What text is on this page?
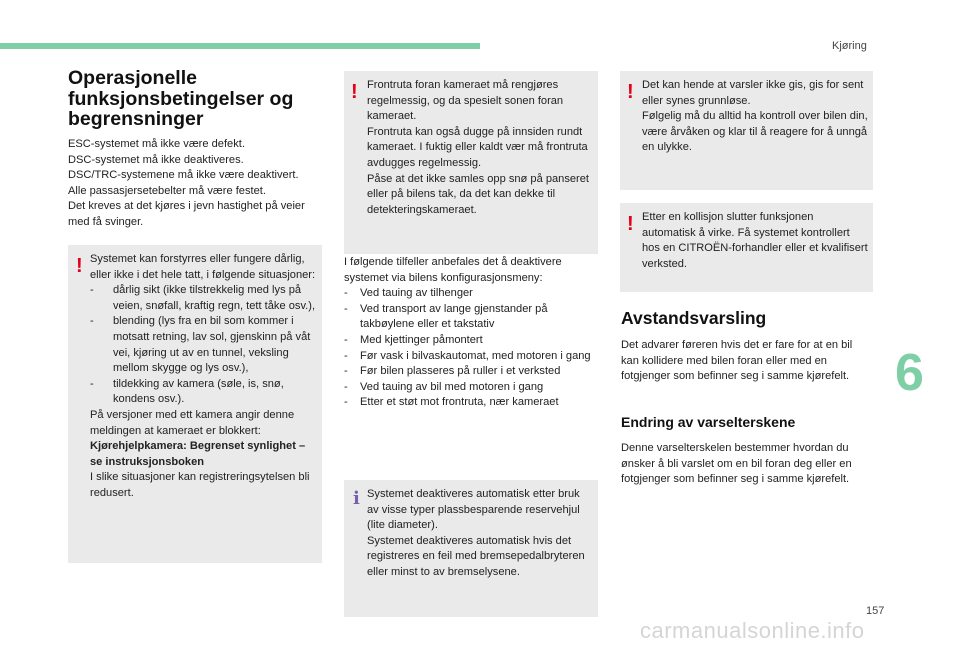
Kjøring
Operasjonelle funksjonsbetingelser og begrensninger

ESC-systemet må ikke være defekt.

DSC-systemet må ikke deaktiveres.

DSC/TRC-systemene må ikke være deaktivert.

Alle passasjersetebelter må være festet.

Det kreves at det kjøres i jevn hastighet på veier med få svinger.

! Systemet kan forstyrres eller fungere dårlig, eller ikke i det hele tatt, i følgende situasjoner:

- dårlig sikt (ikke tilstrekkelig med lys på veien, snøfall, kraftig regn, tett tåke osv.),
- blending (lys fra en bil som kommer i motsatt retning, lav sol, gjenskinn på våt vei, kjøring ut av en tunnel, veksling mellom skygge og lys osv.),
- tildekking av kamera (søle, is, snø, kondens osv.).

På versjoner med ett kamera angir denne meldingen at kameraet er blokkert:

Kjørehjelpkamera: Begrenset synlighet – se instruksjonsboken

I slike situasjoner kan registreringsytelsen bli redusert.

! Frontruta foran kameraet må rengjøres regelmessig, og da spesielt sonen foran kameraet.

Frontruta kan også dugge på innsiden rundt kameraet. I fuktig eller kaldt vær må frontruta avdugges regelmessig.

Påse at det ikke samles opp snø på panseret eller på bilens tak, da det kan dekke til detekteringskameraet.

I følgende tilfeller anbefales det å deaktivere systemet via bilens konfigurasjonsmeny:

- Ved tauing av tilhenger
- Ved transport av lange gjenstander på takbøylene eller et takstativ
- Med kjettinger påmontert
- Før vask i bilvaskautomat, med motoren i gang
- Før bilen plasseres på ruller i et verksted
- Ved tauing av bil med motoren i gang
- Etter et støt mot frontruta, nær kameraet
i Systemet deaktiveres automatisk etter bruk av visse typer plassbesparende reservehjul (lite diameter).

Systemet deaktiveres automatisk hvis det registreres en feil med bremsepedalbryteren eller minst to av bremselysene.

! Det kan hende at varsler ikke gis, gis for sent eller synes grunnløse.

Følgelig må du alltid ha kontroll over bilen din, være årvåken og klar til å reagere for å unngå en ulykke.

! Etter en kollisjon slutter funksjonen automatisk å virke. Få systemet kontrollert hos en CITROËN-forhandler eller et kvalifisert verksted.

Avstandsvarsling

Det advarer føreren hvis det er fare for at en bil kan kollidere med bilen foran eller med en fotgjenger som befinner seg i samme kjørefelt.

Endring av varselterskene

Denne varselterskelen bestemmer hvordan du ønsker å bli varslet om en bil foran deg eller en fotgjenger som befinner seg i samme kjørefelt.

6
157
carmanualsonline.info
